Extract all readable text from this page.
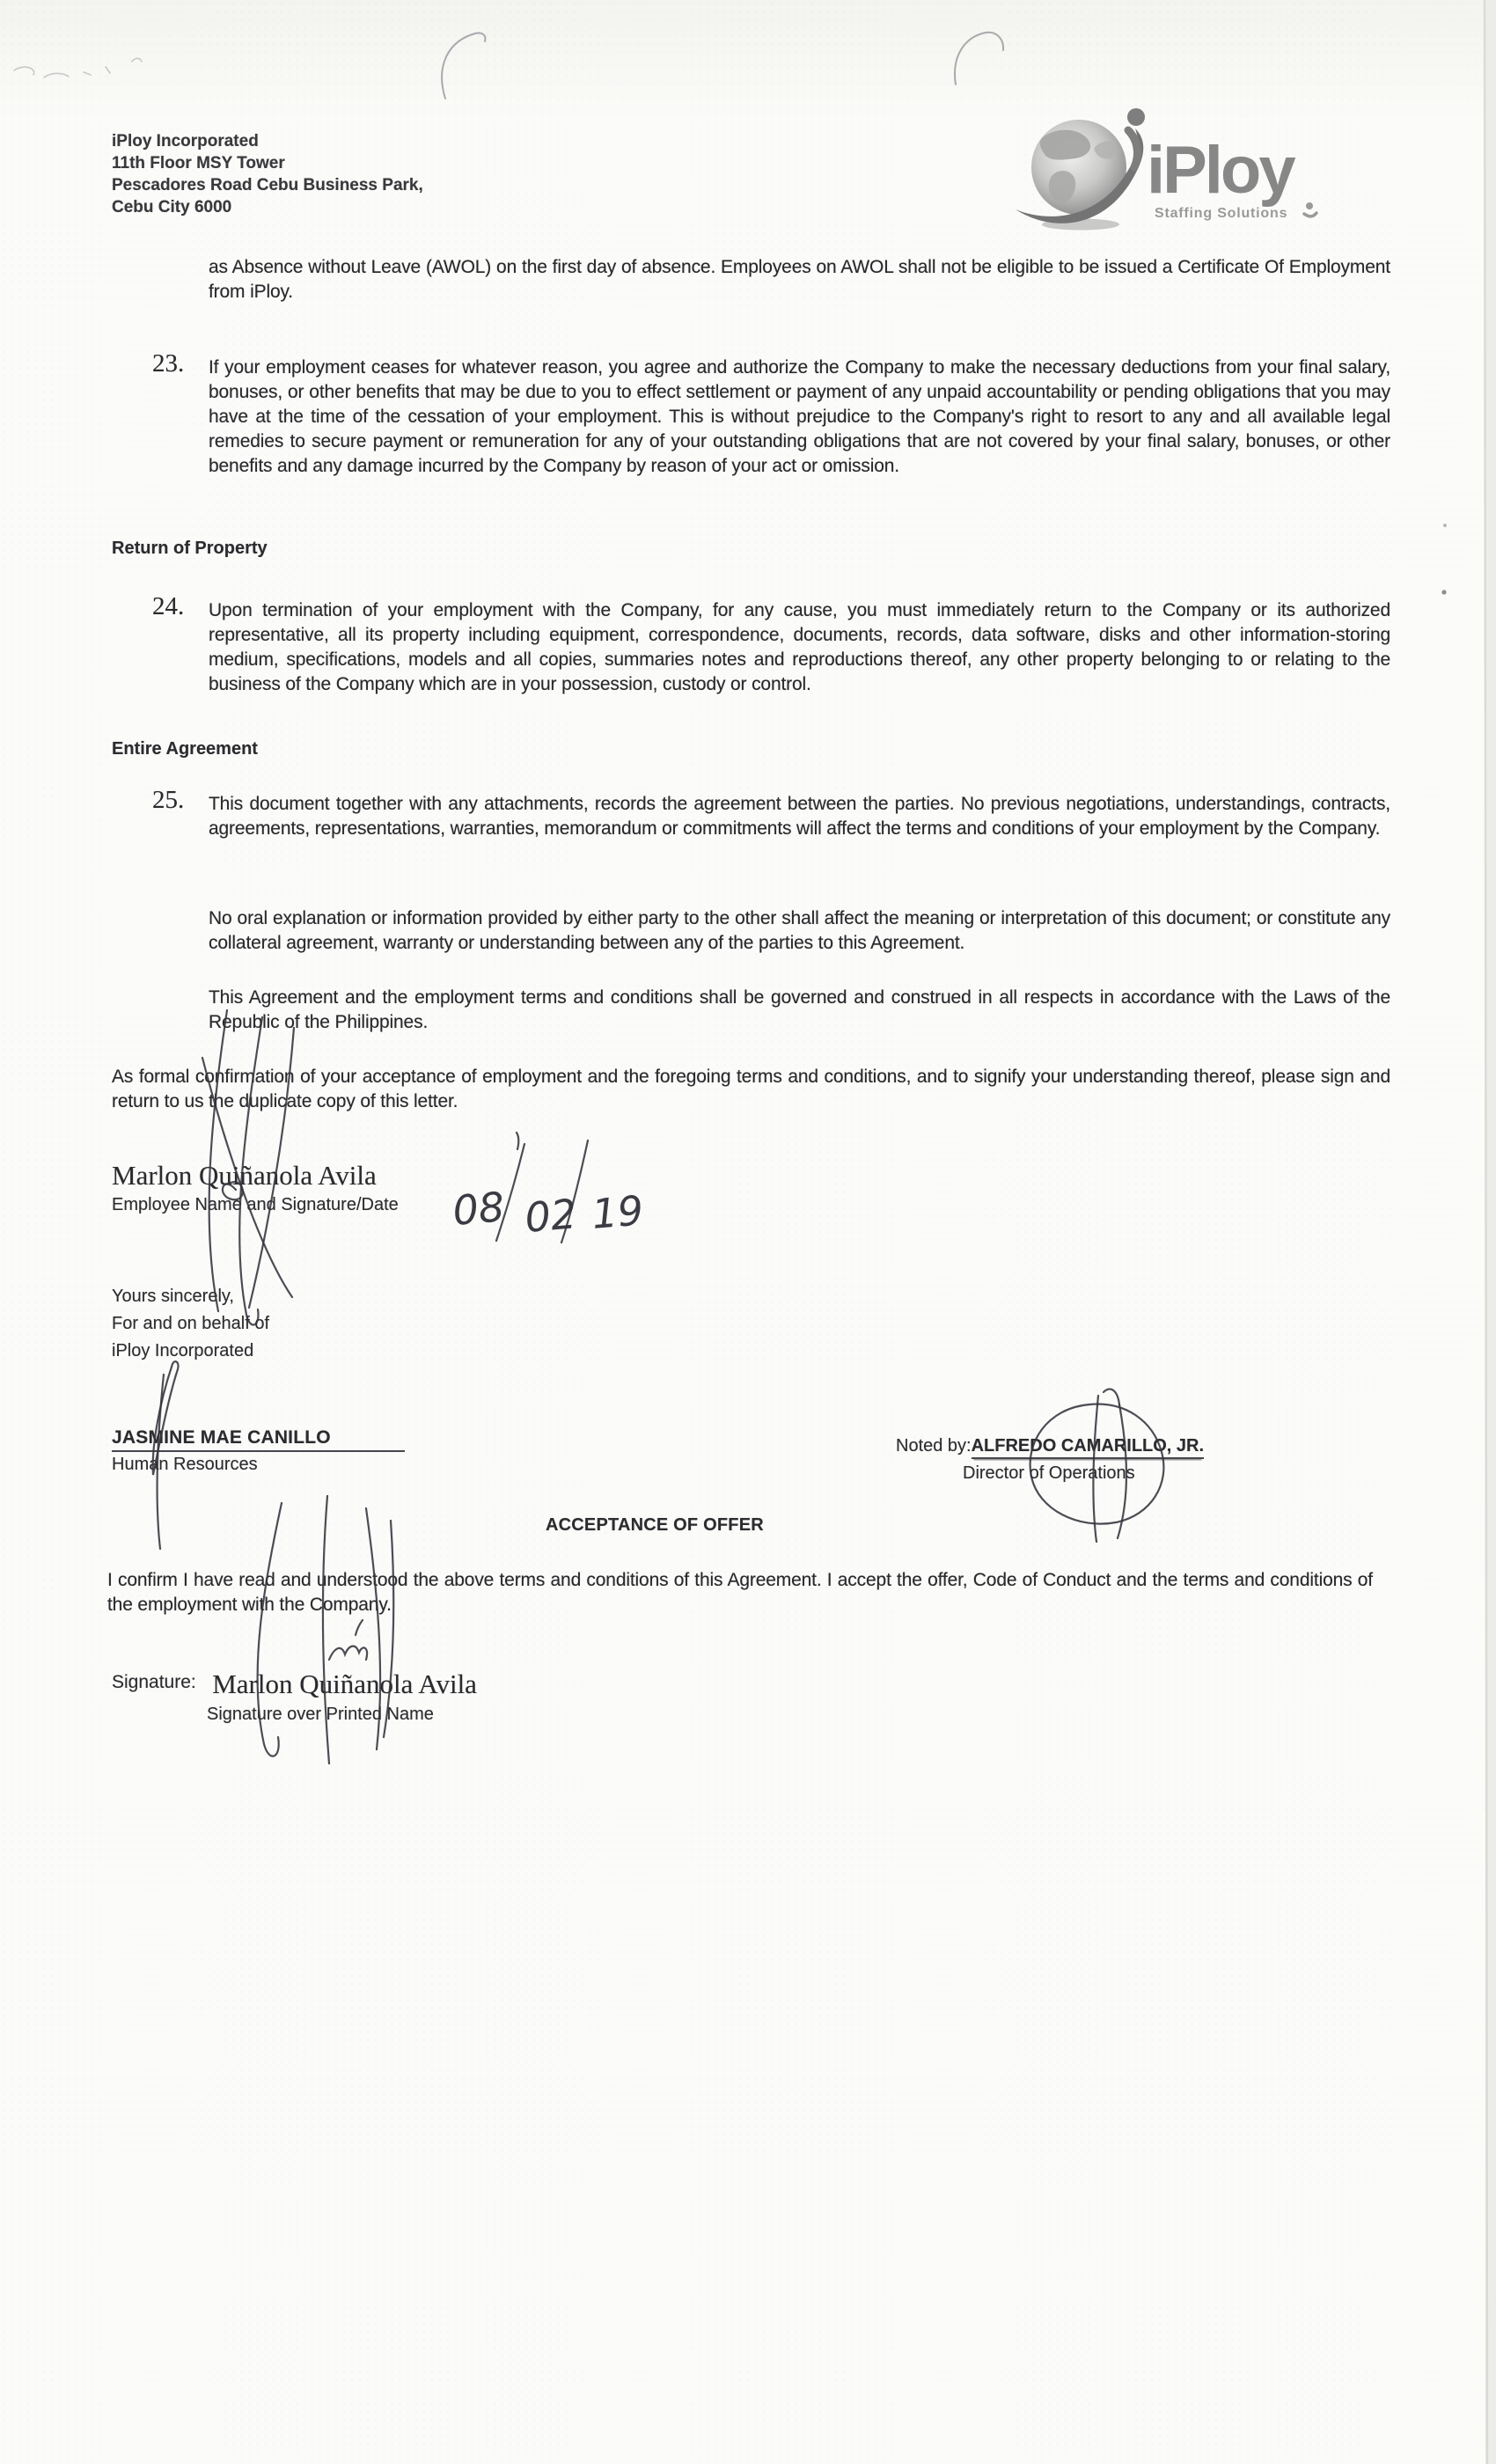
iPloy Incorporated
11th Floor MSY Tower
Pescadores Road Cebu Business Park,
Cebu City 6000	iPloy
Staffing Solutions

as Absence without Leave (AWOL) on the first day of absence. Employees on AWOL shall not be eligible to be issued a Certificate Of Employment from iPloy.

23. If your employment ceases for whatever reason, you agree and authorize the Company to make the necessary deductions from your final salary, bonuses, or other benefits that may be due to you to effect settlement or payment of any unpaid accountability or pending obligations that you may have at the time of the cessation of your employment. This is without prejudice to the Company's right to resort to any and all available legal remedies to secure payment or remuneration for any of your outstanding obligations that are not covered by your final salary, bonuses, or other benefits and any damage incurred by the Company by reason of your act or omission.

Return of Property
24. Upon termination of your employment with the Company, for any cause, you must immediately return to the Company or its authorized representative, all its property including equipment, correspondence, documents, records, data software, disks and other information-storing medium, specifications, models and all copies, summaries notes and reproductions thereof, any other property belonging to or relating to the business of the Company which are in your possession, custody or control.

Entire Agreement
25. This document together with any attachments, records the agreement between the parties. No previous negotiations, understandings, contracts, agreements, representations, warranties, memorandum or commitments will affect the terms and conditions of your employment by the Company.

No oral explanation or information provided by either party to the other shall affect the meaning or interpretation of this document; or constitute any collateral agreement, warranty or understanding between any of the parties to this Agreement.

This Agreement and the employment terms and conditions shall be governed and construed in all respects in accordance with the Laws of the Republic of the Philippines.

As formal confirmation of your acceptance of employment and the foregoing terms and conditions, and to signify your understanding thereof, please sign and return to us the duplicate copy of this letter.

Marlon Quiñanola Avila
Employee Name and Signature/Date
Yours sincerely,
For and on behalf of
iPloy Incorporated
JASMINE MAE CANILLO
Human Resources
Noted by:ALFREDO CAMARILLO, JR.
Director of Operations
ACCEPTANCE OF OFFER

I confirm I have read and understood the above terms and conditions of this Agreement. I accept the offer, Code of Conduct and the terms and conditions of the employment with the Company.

Signature: Marlon Quiñanola Avila
Signature over Printed Name
08 02 19
